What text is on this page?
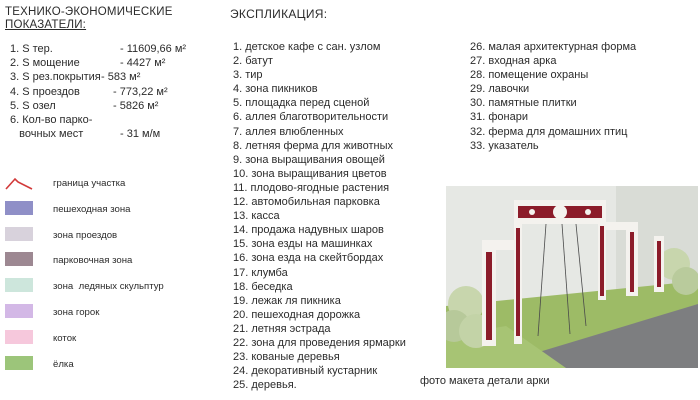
ТЕХНИКО-ЭКОНОМИЧЕСКИЕ
ПОКАЗАТЕЛИ:
1. S тер.	- 11609,66 м²
2. S мощение	- 4427 м²
3. S рез.покрытия - 583 м²
4. S проездов	- 773,22 м²
5. S озел	- 5826 м²
6. Кол-во парко-
вочных мест	- 31 м/м
граница участка
пешеходная зона
зона проездов
парковочная зона
зона  ледяных скульптур
зона горок
коток
ёлка
ЭКСПЛИКАЦИЯ:
1. детское кафе с сан. узлом
2. батут
3. тир
4. зона пикников
5. площадка перед сценой
6. аллея благотворительности
7. аллея влюбленных
8. летняя ферма для животных
9. зона выращивания овощей
10. зона выращивания цветов
11. плодово-ягодные растения
12. автомобильная парковка
13. касса
14. продажа надувных шаров
15. зона езды на машинках
16. зона езда на скейтбордах
17. клумба
18. беседка
19. лежак ля пикника
20. пешеходная дорожка
21. летняя эстрада
22. зона для проведения ярмарки
23. кованые деревья
24. декоративный кустарник
25. деревья.
26. малая архитектурная форма
27. входная арка
28. помещение охраны
29. лавочки
30. памятные плитки
31. фонари
32. ферма для домашних птиц
33. указатель
фото макета детали арки
